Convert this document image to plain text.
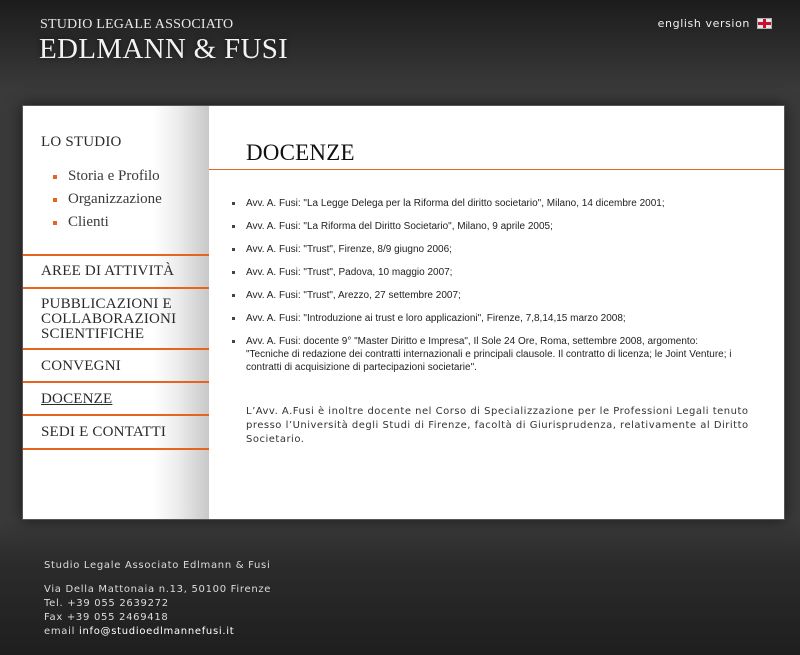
STUDIO LEGALE ASSOCIATO
EDLMANN & FUSI
english version
LO STUDIO
Storia e Profilo
Organizzazione
Clienti
AREE DI ATTIVITÀ
PUBBLICAZIONI E COLLABORAZIONI SCIENTIFICHE
CONVEGNI
DOCENZE
SEDI E CONTATTI
DOCENZE
Avv. A. Fusi: "La Legge Delega per la Riforma del diritto societario", Milano, 14 dicembre 2001;
Avv. A. Fusi: "La Riforma del Diritto Societario", Milano, 9 aprile 2005;
Avv. A. Fusi: "Trust", Firenze, 8/9 giugno 2006;
Avv. A. Fusi: "Trust", Padova, 10 maggio 2007;
Avv. A. Fusi: "Trust", Arezzo, 27 settembre 2007;
Avv. A. Fusi: "Introduzione ai trust e loro applicazioni", Firenze, 7,8,14,15 marzo 2008;
Avv. A. Fusi: docente 9° "Master Diritto e Impresa", Il Sole 24 Ore, Roma, settembre 2008, argomento: "Tecniche di redazione dei contratti internazionali e principali clausole. Il contratto di licenza; le Joint Venture; i contratti di acquisizione di partecipazioni societarie".
L’Avv. A.Fusi è inoltre docente nel Corso di Specializzazione per le Professioni Legali tenuto presso l’Università degli Studi di Firenze, facoltà di Giurisprudenza, relativamente al Diritto Societario.
Studio Legale Associato Edlmann & Fusi
Via Della Mattonaia n.13, 50100 Firenze
Tel. +39 055 2639272
Fax +39 055 2469418
email info@studioedlmannefusi.it
